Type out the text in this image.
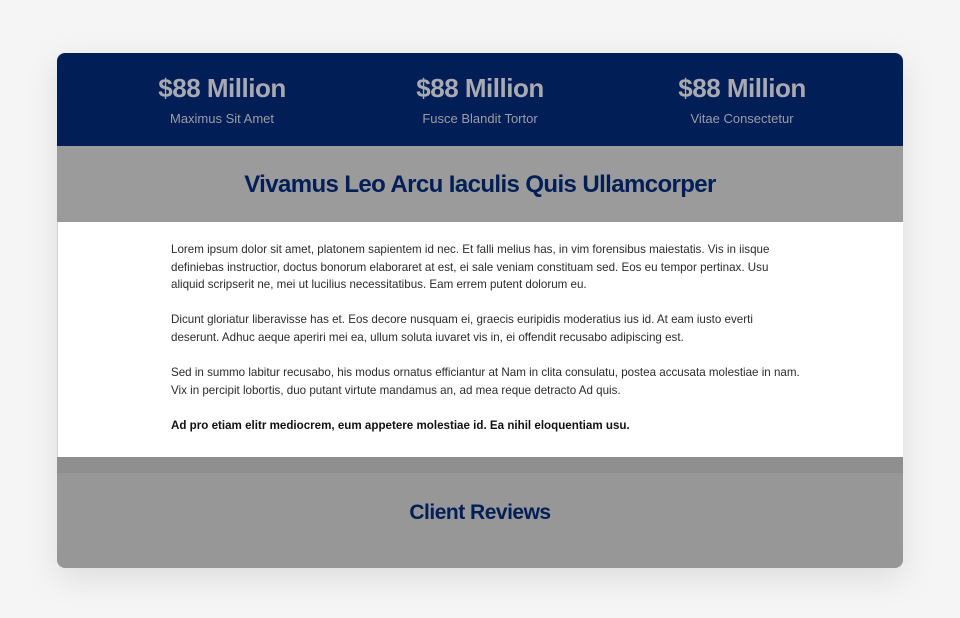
$88 Million
Maximus Sit Amet
$88 Million
Fusce Blandit Tortor
$88 Million
Vitae Consectetur
Vivamus Leo Arcu Iaculis Quis Ullamcorper

Lorem ipsum dolor sit amet, platonem sapientem id nec. Et falli melius has, in vim forensibus maiestatis. Vis in iisque definiebas instructior, doctus bonorum elaboraret at est, ei sale veniam constituam sed. Eos eu tempor pertinax. Usu aliquid scripserit ne, mei ut lucilius necessitatibus. Eam errem putent dolorum eu.

Dicunt gloriatur liberavisse has et. Eos decore nusquam ei, graecis euripidis moderatius ius id. At eam iusto everti deserunt. Adhuc aeque aperiri mei ea, ullum soluta iuvaret vis in, ei offendit recusabo adipiscing est.

Sed in summo labitur recusabo, his modus ornatus efficiantur at Nam in clita consulatu, postea accusata molestiae in nam. Vix in percipit lobortis, duo putant virtute mandamus an, ad mea reque detracto Ad quis.

Ad pro etiam elitr mediocrem, eum appetere molestiae id. Ea nihil eloquentiam usu.

Client Reviews
